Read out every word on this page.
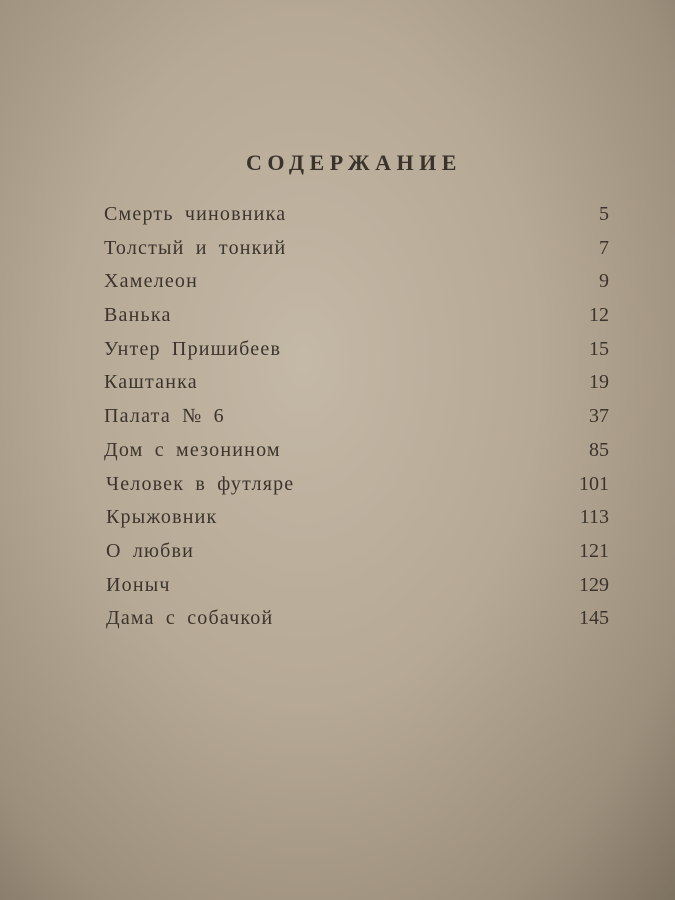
СОДЕРЖАНИЕ
Смерть чиновника	5
Толстый и тонкий	7
Хамелеон	9
Ванька	12
Унтер Пришибеев	15
Каштанка	19
Палата № 6	37
Дом с мезонином	85
Человек в футляре	101
Крыжовник	113
О любви	121
Ионыч	129
Дама с собачкой	145
